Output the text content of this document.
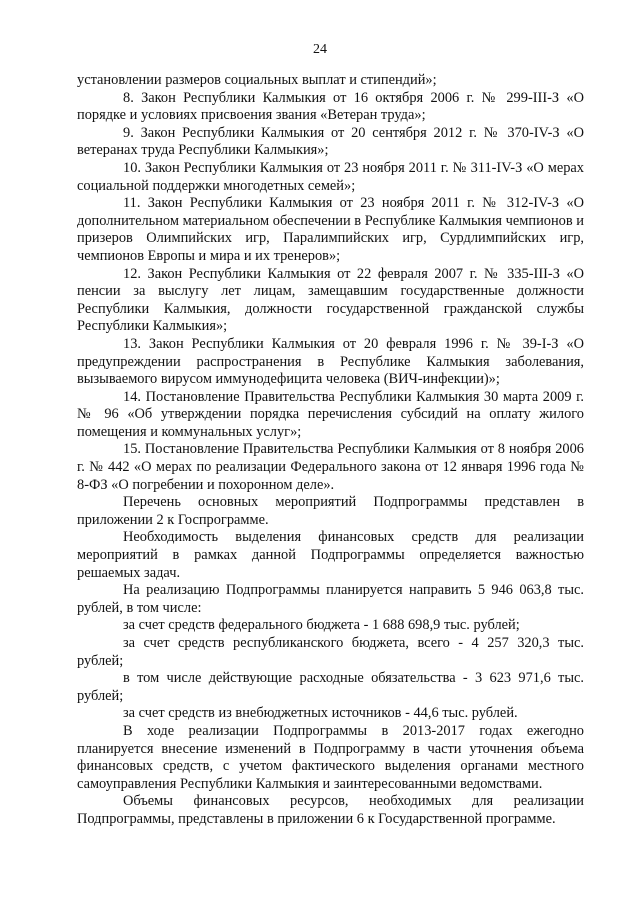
24

установлении размеров социальных выплат и стипендий»;

8. Закон Республики Калмыкия от 16 октября 2006 г. № 299-III-З «О порядке и условиях присвоения звания «Ветеран труда»;

9. Закон Республики Калмыкия от 20 сентября 2012 г. № 370-IV-З «О ветеранах труда Республики Калмыкия»;

10. Закон Республики Калмыкия от 23 ноября 2011 г. № 311-IV-З «О мерах социальной поддержки многодетных семей»;

11. Закон Республики Калмыкия от 23 ноября 2011 г. № 312-IV-З «О дополнительном материальном обеспечении в Республике Калмыкия чемпионов и призеров Олимпийских игр, Паралимпийских игр, Сурдлимпийских игр, чемпионов Европы и мира и их тренеров»;

12. Закон Республики Калмыкия от 22 февраля 2007 г. № 335-III-З «О пенсии за выслугу лет лицам, замещавшим государственные должности Республики Калмыкия, должности государственной гражданской службы Республики Калмыкия»;

13. Закон Республики Калмыкия от 20 февраля 1996 г. № 39-I-З «О предупреждении распространения в Республике Калмыкия заболевания, вызываемого вирусом иммунодефицита человека (ВИЧ-инфекции)»;

14. Постановление Правительства Республики Калмыкия 30 марта 2009 г. № 96 «Об утверждении порядка перечисления субсидий на оплату жилого помещения и коммунальных услуг»;

15. Постановление Правительства Республики Калмыкия от 8 ноября 2006 г. № 442 «О мерах по реализации Федерального закона от 12 января 1996 года № 8-ФЗ «О погребении и похоронном деле».

Перечень основных мероприятий Подпрограммы представлен в приложении 2 к Госпрограмме.

Необходимость выделения финансовых средств для реализации мероприятий в рамках данной Подпрограммы определяется важностью решаемых задач.

На реализацию Подпрограммы планируется направить 5 946 063,8 тыс. рублей, в том числе:

за счет средств федерального бюджета - 1 688 698,9 тыс. рублей;

за счет средств республиканского бюджета, всего - 4 257 320,3 тыс. рублей;

в том числе действующие расходные обязательства - 3 623 971,6 тыс. рублей;

за счет средств из внебюджетных источников - 44,6 тыс. рублей.

В ходе реализации Подпрограммы в 2013-2017 годах ежегодно планируется внесение изменений в Подпрограмму в части уточнения объема финансовых средств, с учетом фактического выделения органами местного самоуправления Республики Калмыкия и заинтересованными ведомствами.

Объемы финансовых ресурсов, необходимых для реализации Подпрограммы, представлены в приложении 6 к Государственной программе.
